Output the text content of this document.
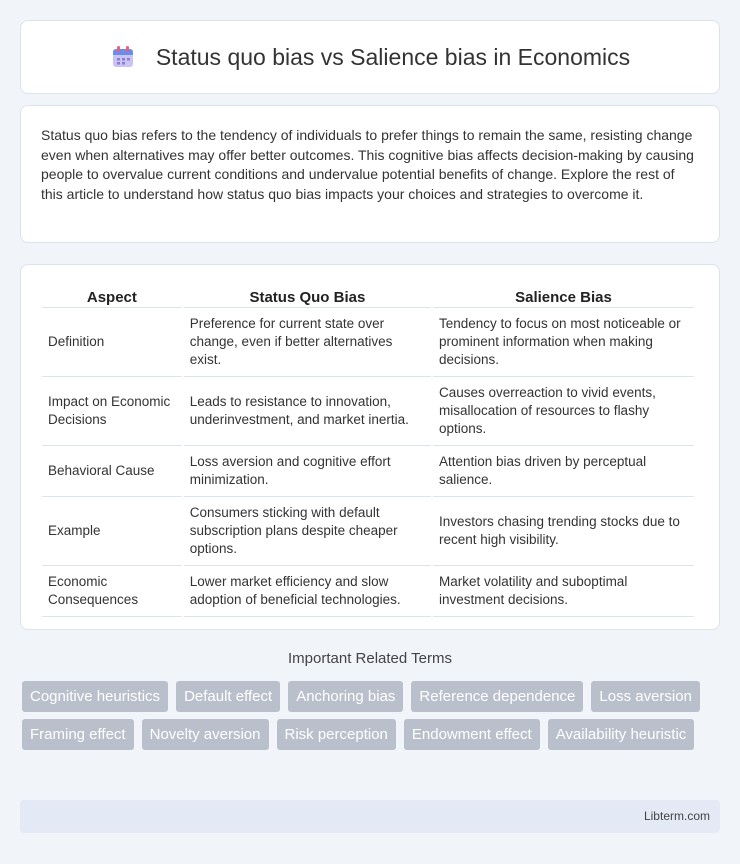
Status quo bias vs Salience bias in Economics

Status quo bias refers to the tendency of individuals to prefer things to remain the same, resisting change even when alternatives may offer better outcomes. This cognitive bias affects decision-making by causing people to overvalue current conditions and undervalue potential benefits of change. Explore the rest of this article to understand how status quo bias impacts your choices and strategies to overcome it.

Aspect	Status Quo Bias	Salience Bias
Definition	Preference for current state over change, even if better alternatives exist.	Tendency to focus on most noticeable or prominent information when making decisions.
Impact on Economic Decisions	Leads to resistance to innovation, underinvestment, and market inertia.	Causes overreaction to vivid events, misallocation of resources to flashy options.
Behavioral Cause	Loss aversion and cognitive effort minimization.	Attention bias driven by perceptual salience.
Example	Consumers sticking with default subscription plans despite cheaper options.	Investors chasing trending stocks due to recent high visibility.
Economic Consequences	Lower market efficiency and slow adoption of beneficial technologies.	Market volatility and suboptimal investment decisions.
Important Related Terms
Cognitive heuristics	Default effect	Anchoring bias	Reference dependence	Loss aversion
Framing effect	Novelty aversion	Risk perception	Endowment effect	Availability heuristic
Libterm.com
